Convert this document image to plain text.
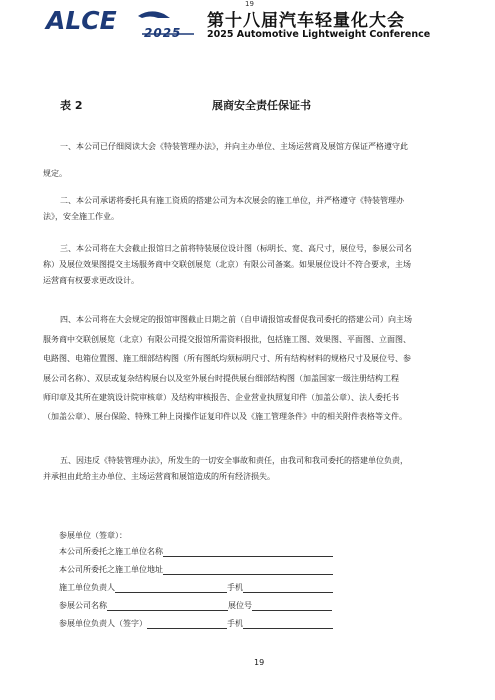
ALCE 2025
19
第十八届汽车轻量化大会
2025 Automotive Lightweight Conference
表 2	展商安全责任保证书
一、本公司已仔细阅读大会《特装管理办法》，并向主办单位、主场运营商及展馆方保证严格遵守此
规定。
二、本公司承诺将委托具有施工资质的搭建公司为本次展会的施工单位，并严格遵守《特装管理办
法》，安全施工作业。
三、本公司将在大会截止报馆日之前将特装展位设计图（标明长、宽、高尺寸，展位号，参展公司名
称）及展位效果图提交主场服务商中交联创展览（北京）有限公司备案。如果展位设计不符合要求，主场
运营商有权要求更改设计。
四、本公司将在大会规定的报馆审图截止日期之前（自申请报馆或督促我司委托的搭建公司）向主场
服务商中交联创展览（北京）有限公司提交报馆所需资料报批，包括施工图、效果图、平面图、立面图、
电路图、电箱位置图、施工细部结构图（所有图纸均须标明尺寸、所有结构材料的规格尺寸及展位号、参
展公司名称）、双层或复杂结构展台以及室外展台时提供展台细部结构图（加盖国家一级注册结构工程
师印章及其所在建筑设计院审核章）及结构审核报告、企业营业执照复印件（加盖公章）、法人委托书
（加盖公章）、展台保险、特殊工种上岗操作证复印件以及《施工管理条件》中的相关附件表格等文件。
五、因违反《特装管理办法》，所发生的一切安全事故和责任，由我司和我司委托的搭建单位负责，
并承担由此给主办单位、主场运营商和展馆造成的所有经济损失。
参展单位（签章）：
本公司所委托之施工单位名称
本公司所委托之施工单位地址
施工单位负责人	手机
参展公司名称	展位号
参展单位负责人（签字）	手机
19
